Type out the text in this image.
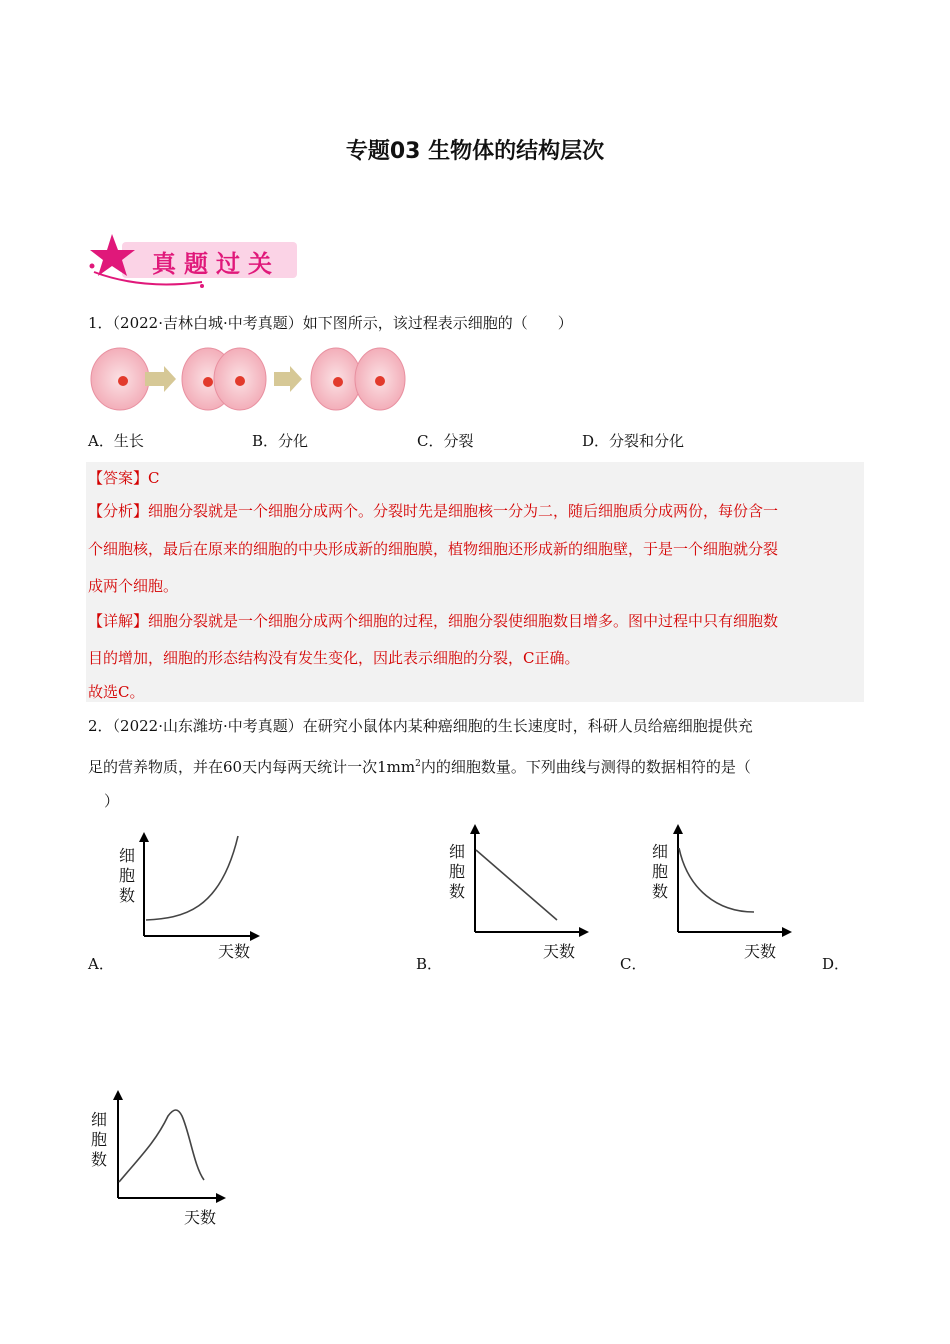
专题03 生物体的结构层次
真题过关
1．（2022·吉林白城·中考真题）如下图所示，该过程表示细胞的（　　）
A．生长	B．分化	C．分裂	D．分裂和分化
【答案】C
【分析】细胞分裂就是一个细胞分成两个。分裂时先是细胞核一分为二，随后细胞质分成两份，每份含一
个细胞核，最后在原来的细胞的中央形成新的细胞膜，植物细胞还形成新的细胞壁，于是一个细胞就分裂
成两个细胞。
【详解】细胞分裂就是一个细胞分成两个细胞的过程，细胞分裂使细胞数目增多。图中过程中只有细胞数
目的增加，细胞的形态结构没有发生变化，因此表示细胞的分裂，C正确。
故选C。
2．（2022·山东潍坊·中考真题）在研究小鼠体内某种癌细胞的生长速度时，科研人员给癌细胞提供充
足的营养物质，并在60天内每两天统计一次$1mm^2$内的细胞数量。下列曲线与测得的数据相符的是（
）
细
胞
数
天数
细
胞
数
天数
细
胞
数
天数
A．	B．	C．	D．
细
胞
数
天数
